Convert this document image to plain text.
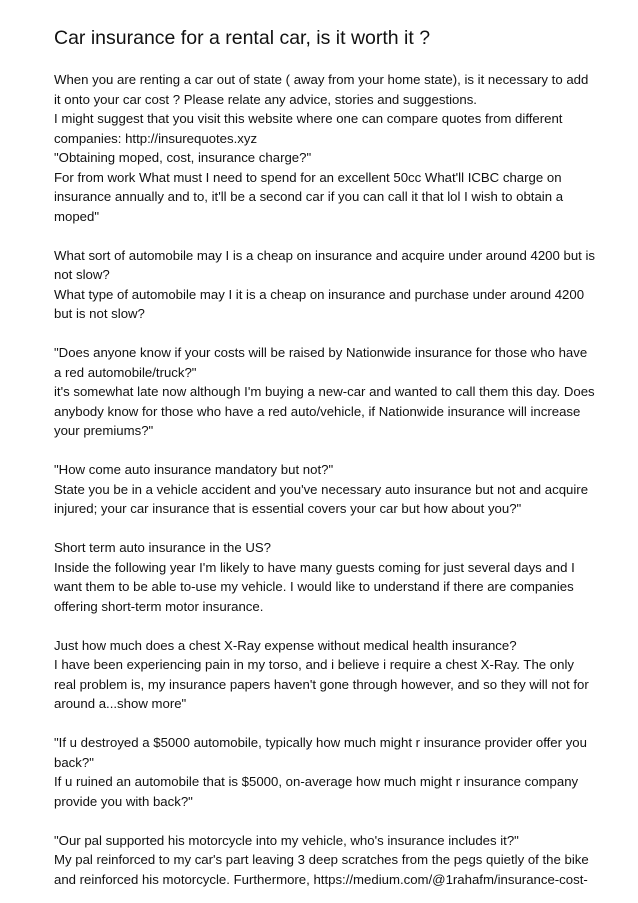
Car insurance for a rental car, is it worth it ?
When you are renting a car out of state ( away from your home state), is it necessary to add
it onto your car cost ? Please relate any advice, stories and suggestions.
I might suggest that you visit this website where one can compare quotes from different
companies: http://insurequotes.xyz
"Obtaining moped, cost, insurance charge?"
For from work What must I need to spend for an excellent 50cc What'll ICBC charge on
insurance annually and to, it'll be a second car if you can call it that lol I wish to obtain a
moped"
What sort of automobile may I is a cheap on insurance and acquire under around 4200 but is
not slow?
What type of automobile may I it is a cheap on insurance and purchase under around 4200
but is not slow?
"Does anyone know if your costs will be raised by Nationwide insurance for those who have
a red automobile/truck?"
it's somewhat late now although I'm buying a new-car and wanted to call them this day. Does
anybody know for those who have a red auto/vehicle, if Nationwide insurance will increase
your premiums?"
"How come auto insurance mandatory but not?"
State you be in a vehicle accident and you've necessary auto insurance but not and acquire
injured; your car insurance that is essential covers your car but how about you?"
Short term auto insurance in the US?
Inside the following year I'm likely to have many guests coming for just several days and I
want them to be able to-use my vehicle. I would like to understand if there are companies
offering short-term motor insurance.
Just how much does a chest X-Ray expense without medical health insurance?
I have been experiencing pain in my torso, and i believe i require a chest X-Ray. The only
real problem is, my insurance papers haven't gone through however, and so they will not for
around a...show more"
"If u destroyed a $5000 automobile, typically how much might r insurance provider offer you
back?"
If u ruined an automobile that is $5000, on-average how much might r insurance company
provide you with back?"
"Our pal supported his motorcycle into my vehicle, who's insurance includes it?"
My pal reinforced to my car's part leaving 3 deep scratches from the pegs quietly of the bike
and reinforced his motorcycle. Furthermore, https://medium.com/@1rahafm/insurance-cost-
